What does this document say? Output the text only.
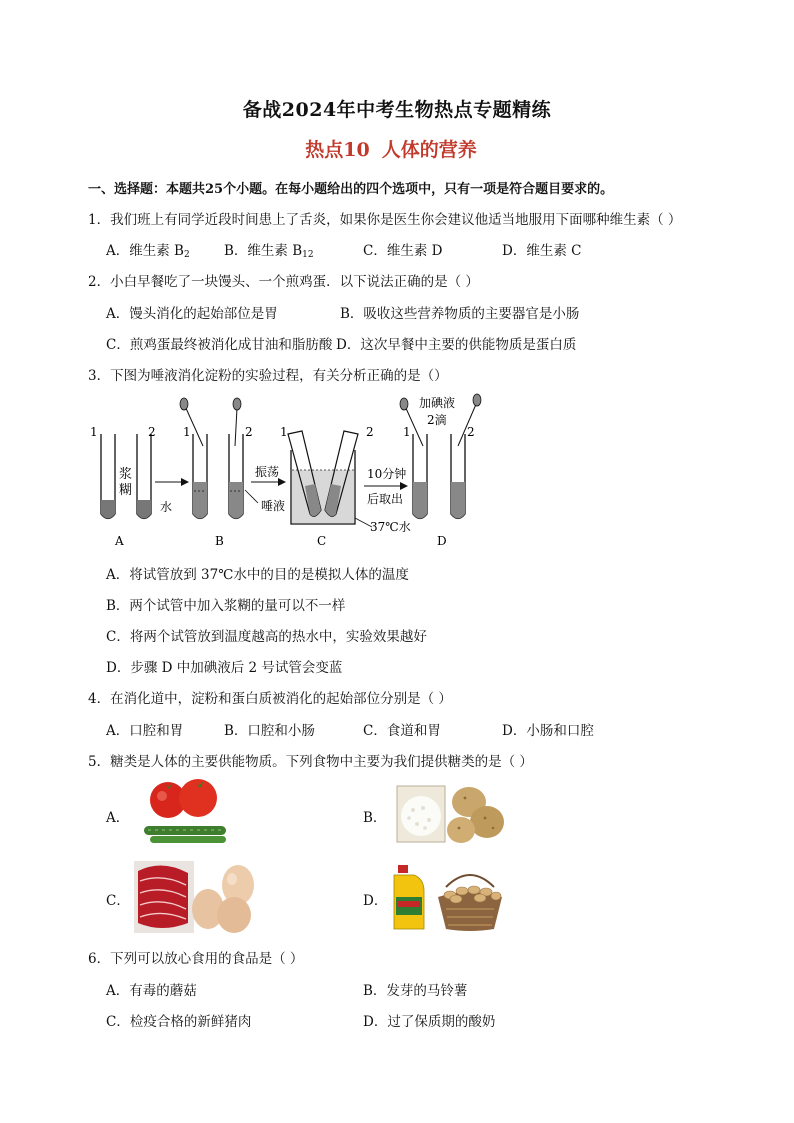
备战2024年中考生物热点专题精练
热点10 人体的营养
一、选择题：本题共25个小题。在每小题给出的四个选项中，只有一项是符合题目要求的。
1．我们班上有同学近段时间患上了舌炎，如果你是医生你会建议他适当地服用下面哪种维生素（ ）
A．维生素 $B_2$	B．维生素 $B_{12}$	C．维生素 D	D．维生素 C
2．小白早餐吃了一块馒头、一个煎鸡蛋．以下说法正确的是（ ）
A．馒头消化的起始部位是胃	B．吸收这些营养物质的主要器官是小肠
C．煎鸡蛋最终被消化成甘油和脂肪酸 D．这次早餐中主要的供能物质是蛋白质
3．下图为唾液消化淀粉的实验过程，有关分析正确的是（）
1	2
浆
糊
A
水
1	2
B
唾液
振荡
1	2
37℃水
C
10分钟
后取出
加碘液
2滴
1	2
D
A．将试管放到 37℃水中的目的是模拟人体的温度
B．两个试管中加入浆糊的量可以不一样
C．将两个试管放到温度越高的热水中，实验效果越好
D．步骤 D 中加碘液后 2 号试管会变蓝
4．在消化道中，淀粉和蛋白质被消化的起始部位分别是（ ）
A．口腔和胃	B．口腔和小肠	C．食道和胃	D．小肠和口腔
5．糖类是人体的主要供能物质。下列食物中主要为我们提供糖类的是（ ）
A．	B．
C．	D．
6．下列可以放心食用的食品是（ ）
A．有毒的蘑菇	B．发芽的马铃薯
C．检疫合格的新鲜猪肉	D．过了保质期的酸奶
